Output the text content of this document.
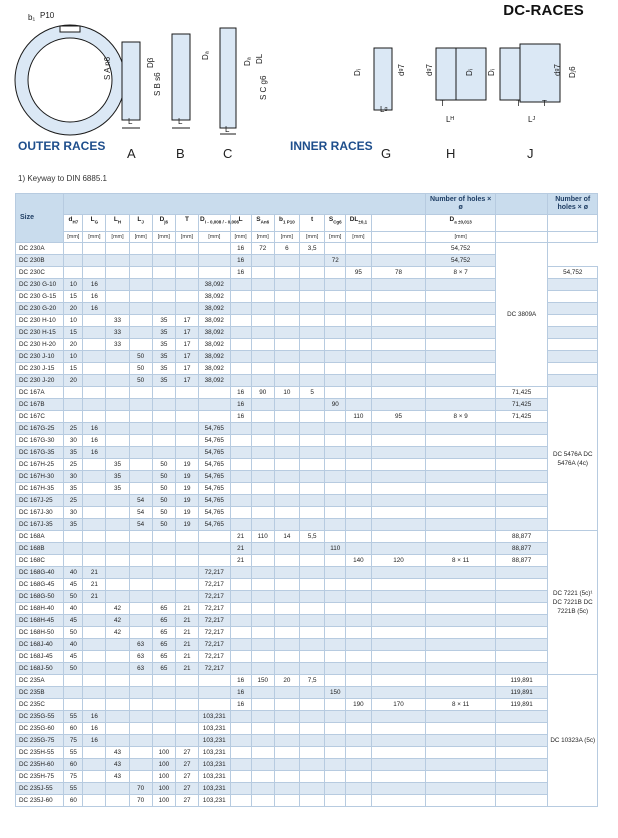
DC-RACES
b₁ P10
S A n6	Dβ
S B s6
Dₐ
Dₐ DL
S C g6
L	L
L
Dᵢ	dᵍ7
Lᵍ
dᵍ7	Dᵢ
T
Lᴴ
Dᵢ	dᵍ7 Dⱼ6
T	T
Lᴶ
OUTER RACES	INNER RACES
A	B	C	G	H	J
1) Keyway to DIN 6885.1
Size															Number of holes × ø		Number of holes × ø
	$d_{H7}$	$L_G$	$L_H$	$L_J$	$D_{j6}$	T	$D_{i - 0,008 / - 0,006}$	L	$S_{An6}$	$b_{1 P10}$	t	$S_{Cg6}$	$DL_{\pm 0,1}$		$D_{a \pm 0,013}$		
	[mm]	[mm]	[mm]	[mm]	[mm]	[mm]	[mm]	[mm]	[mm]	[mm]	[mm]	[mm]	[mm]		[mm]		
DC 230A								16	72	6	3,5				54,752	DC 3809A	
DC 230B								16				72			54,752		
DC 230C								16					95	78	8 × 7		54,752
DC 230 G-10	10	16					38,092										
DC 230 G-15	15	16					38,092										
DC 230 G-20	20	16					38,092										
DC 230 H-10	10		33		35	17	38,092										
DC 230 H-15	15		33		35	17	38,092										
DC 230 H-20	20		33		35	17	38,092										
DC 230 J-10	10			50	35	17	38,092										
DC 230 J-15	15			50	35	17	38,092										
DC 230 J-20	20			50	35	17	38,092										
DC 167A								16	90	10	5					71,425	DC 5476A DC 5476A (4c)
DC 167B								16				90				71,425	
DC 167C								16					110	95	8 × 9	71,425	
DC 167G-25	25	16					54,765										
DC 167G-30	30	16					54,765										
DC 167G-35	35	16					54,765										
DC 167H-25	25		35		50	19	54,765										
DC 167H-30	30		35		50	19	54,765										
DC 167H-35	35		35		50	19	54,765										
DC 167J-25	25			54	50	19	54,765										
DC 167J-30	30			54	50	19	54,765										
DC 167J-35	35			54	50	19	54,765										
DC 168A								21	110	14	5,5					88,877	DC 7221 (5c)¹ DC 7221B DC 7221B (5c)
DC 168B								21				110				88,877	
DC 168C								21					140	120	8 × 11	88,877	
DC 168G-40	40	21					72,217										
DC 168G-45	45	21					72,217										
DC 168G-50	50	21					72,217										
DC 168H-40	40		42		65	21	72,217										
DC 168H-45	45		42		65	21	72,217										
DC 168H-50	50		42		65	21	72,217										
DC 168J-40	40			63	65	21	72,217										
DC 168J-45	45			63	65	21	72,217										
DC 168J-50	50			63	65	21	72,217										
DC 235A								16	150	20	7,5					119,891	DC 10323A (5c)
DC 235B								16				150				119,891	
DC 235C								16					190	170	8 × 11	119,891	
DC 235G-55	55	16					103,231										
DC 235G-60	60	16					103,231										
DC 235G-75	75	16					103,231										
DC 235H-55	55		43		100	27	103,231										
DC 235H-60	60		43		100	27	103,231										
DC 235H-75	75		43		100	27	103,231										
DC 235J-55	55			70	100	27	103,231										
DC 235J-60	60			70	100	27	103,231										
